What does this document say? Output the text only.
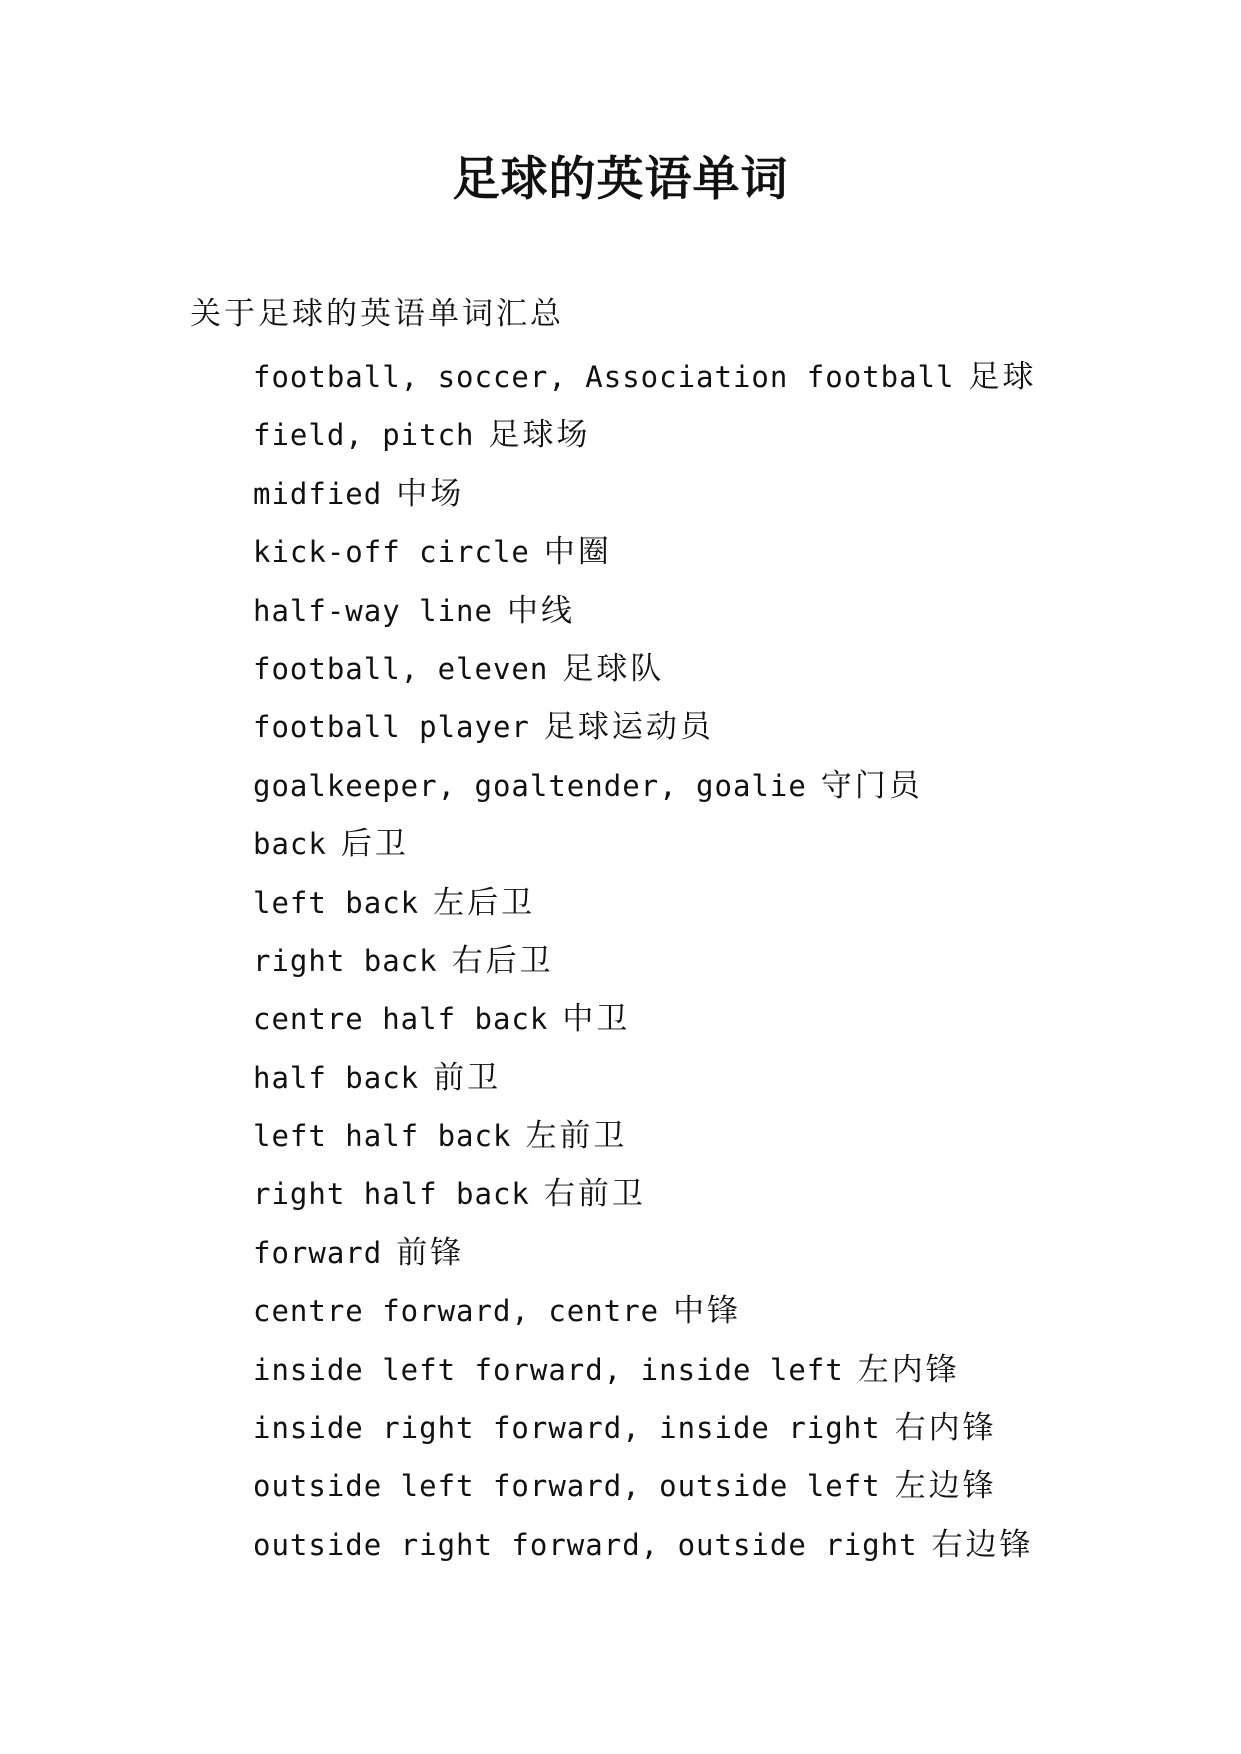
足球的英语单词
关于足球的英语单词汇总
football, soccer, Association football 足球
field, pitch 足球场
midfied 中场
kick-off circle 中圈
half-way line 中线
football, eleven 足球队
football player 足球运动员
goalkeeper, goaltender, goalie 守门员
back 后卫
left back 左后卫
right back 右后卫
centre half back 中卫
half back 前卫
left half back 左前卫
right half back 右前卫
forward 前锋
centre forward, centre 中锋
inside left forward, inside left 左内锋
inside right forward, inside right 右内锋
outside left forward, outside left 左边锋
outside right forward, outside right 右边锋
